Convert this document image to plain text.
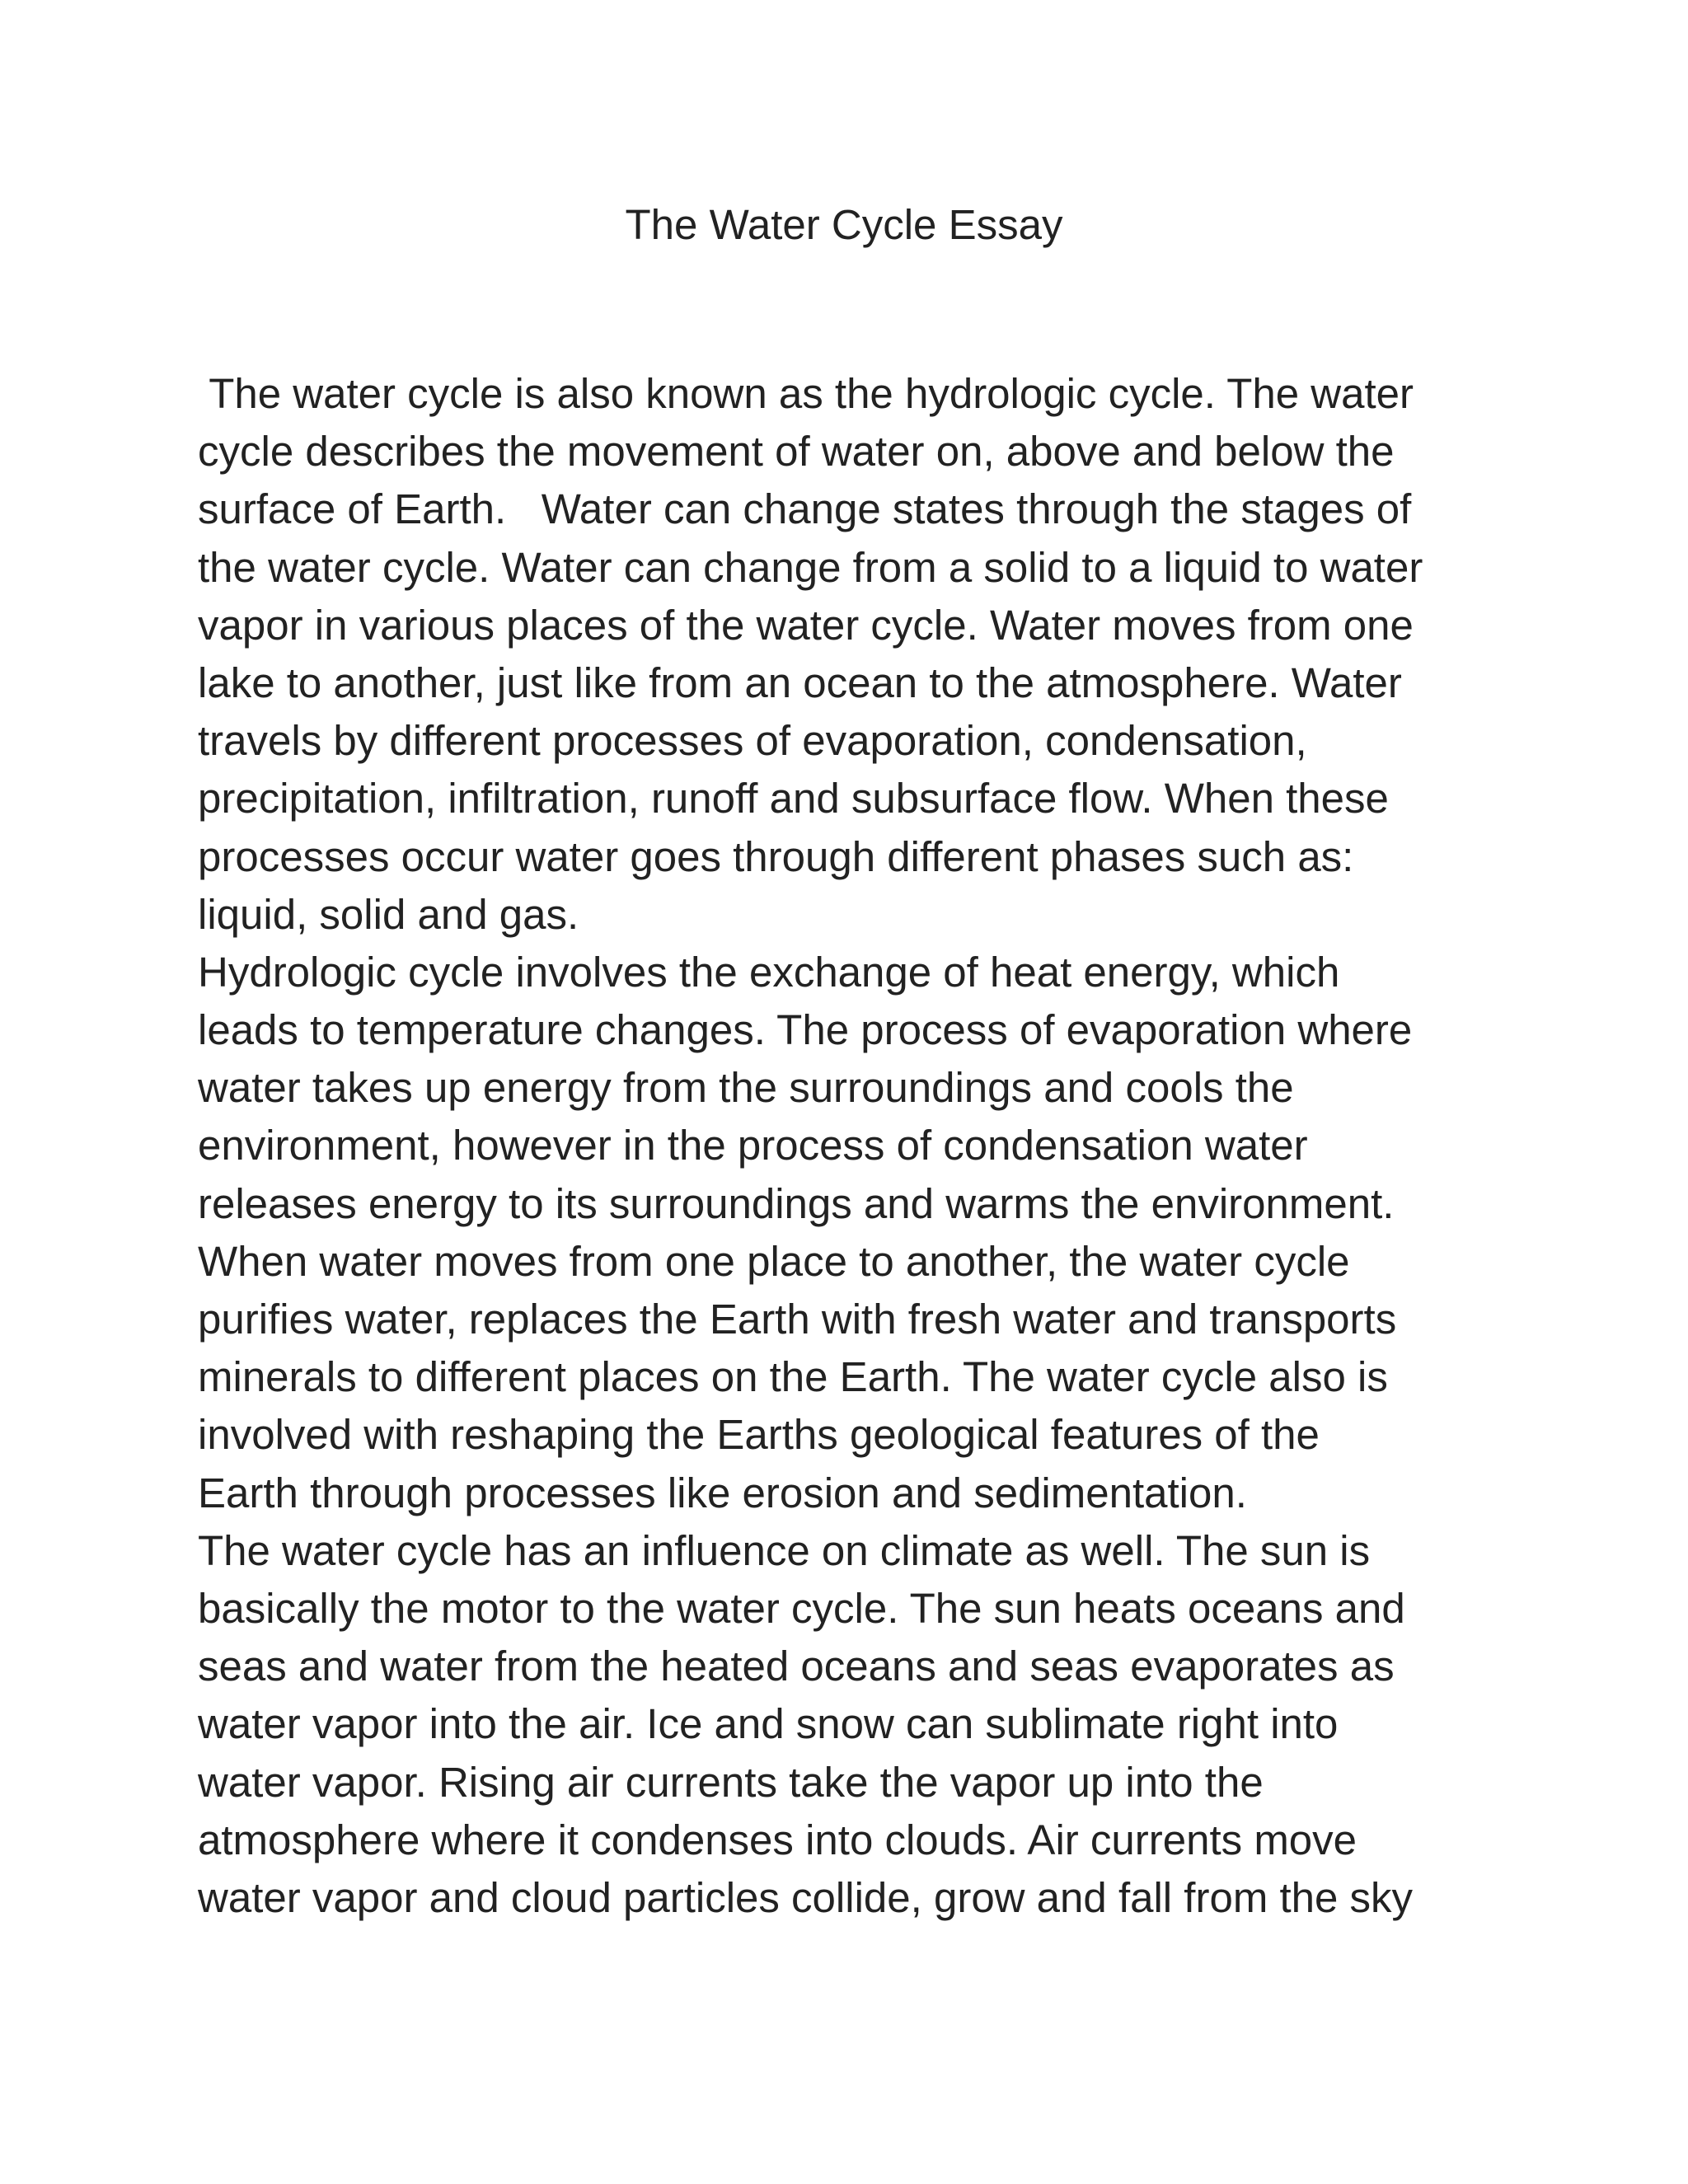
The Water Cycle Essay
The water cycle is also known as the hydrologic cycle. The water
cycle describes the movement of water on, above and below the
surface of Earth.   Water can change states through the stages of
the water cycle. Water can change from a solid to a liquid to water
vapor in various places of the water cycle. Water moves from one
lake to another, just like from an ocean to the atmosphere. Water
travels by different processes of evaporation, condensation,
precipitation, infiltration, runoff and subsurface flow. When these
processes occur water goes through different phases such as:
liquid, solid and gas.
Hydrologic cycle involves the exchange of heat energy, which
leads to temperature changes. The process of evaporation where
water takes up energy from the surroundings and cools the
environment, however in the process of condensation water
releases energy to its surroundings and warms the environment.
When water moves from one place to another, the water cycle
purifies water, replaces the Earth with fresh water and transports
minerals to different places on the Earth. The water cycle also is
involved with reshaping the Earths geological features of the
Earth through processes like erosion and sedimentation.
The water cycle has an influence on climate as well. The sun is
basically the motor to the water cycle. The sun heats oceans and
seas and water from the heated oceans and seas evaporates as
water vapor into the air. Ice and snow can sublimate right into
water vapor. Rising air currents take the vapor up into the
atmosphere where it condenses into clouds. Air currents move
water vapor and cloud particles collide, grow and fall from the sky
